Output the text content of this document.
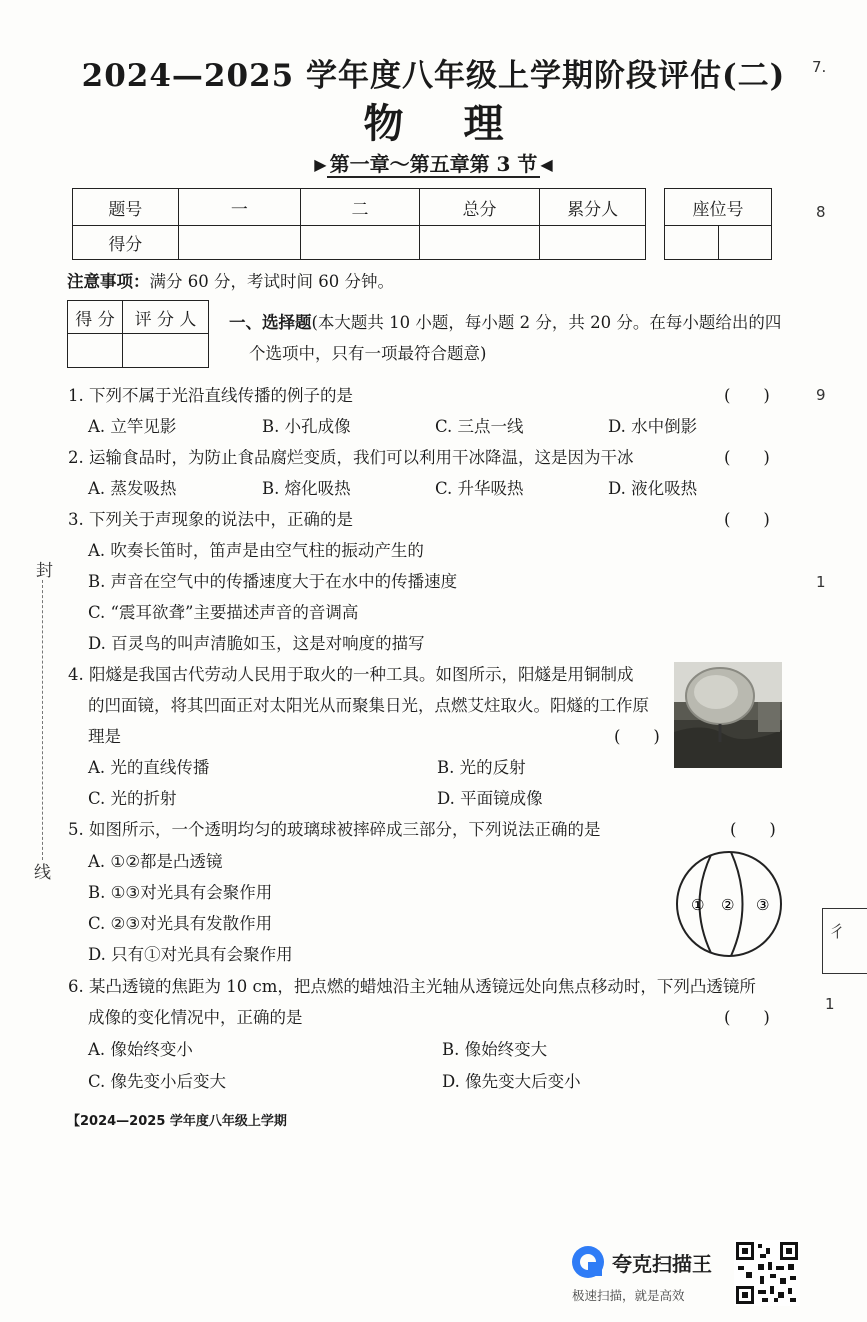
2024—2025 学年度八年级上学期阶段评估(二)
物理
▶ 第一章～第五章第 3 节 ◀
题号	一	二	总分	累分人
得分				
座位号

注意事项：满分 60 分，考试时间 60 分钟。
得 分	评 分 人
	一、选择题(本大题共 10 小题，每小题 2 分，共 20 分。在每小题给出的四
个选项中，只有一项最符合题意)
1. 下列不属于光沿直线传播的例子的是	(　　)
A. 立竿见影	B. 小孔成像	C. 三点一线	D. 水中倒影
2. 运输食品时，为防止食品腐烂变质，我们可以利用干冰降温，这是因为干冰	(　　)
A. 蒸发吸热	B. 熔化吸热	C. 升华吸热	D. 液化吸热
3. 下列关于声现象的说法中，正确的是	(　　)
A. 吹奏长笛时，笛声是由空气柱的振动产生的
B. 声音在空气中的传播速度大于在水中的传播速度
C. “震耳欲聋”主要描述声音的音调高
D. 百灵鸟的叫声清脆如玉，这是对响度的描写
4. 阳燧是我国古代劳动人民用于取火的一种工具。如图所示，阳燧是用铜制成
的凹面镜，将其凹面正对太阳光从而聚集日光，点燃艾炷取火。阳燧的工作原
理是	(　　)
A. 光的直线传播	B. 光的反射
C. 光的折射	D. 平面镜成像
5. 如图所示，一个透明均匀的玻璃球被摔碎成三部分，下列说法正确的是	(　　)
A. ①②都是凸透镜
B. ①③对光具有会聚作用
C. ②③对光具有发散作用
D. 只有①对光具有会聚作用
① ② ③
6. 某凸透镜的焦距为 10 cm，把点燃的蜡烛沿主光轴从透镜远处向焦点移动时，下列凸透镜所
成像的变化情况中，正确的是	(　　)
A. 像始终变小	B. 像始终变大
C. 像先变小后变大	D. 像先变大后变小
【2024—2025 学年度八年级上学期
7.
8
9
1
1
封
线
彳
夸克扫描王
极速扫描，就是高效
